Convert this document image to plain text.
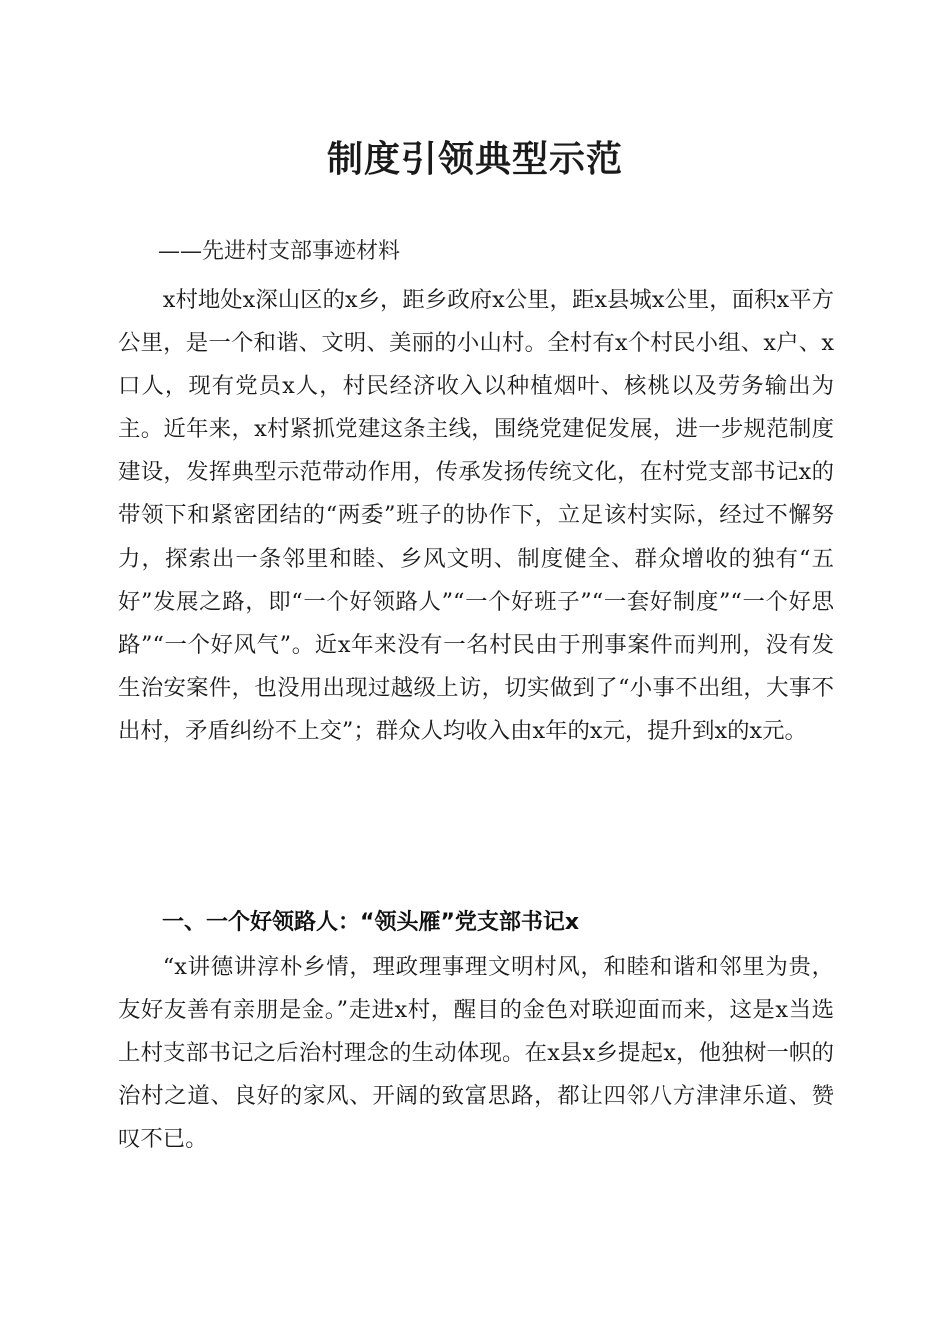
制度引领典型示范

——先进村支部事迹材料

x村地处x深山区的x乡，距乡政府x公里，距x县城x公里，面积x平方公里，是一个和谐、文明、美丽的小山村。全村有x个村民小组、x户、x口人，现有党员x人，村民经济收入以种植烟叶、核桃以及劳务输出为主。近年来，x村紧抓党建这条主线，围绕党建促发展，进一步规范制度建设，发挥典型示范带动作用，传承发扬传统文化，在村党支部书记x的带领下和紧密团结的“两委”班子的协作下，立足该村实际，经过不懈努力，探索出一条邻里和睦、乡风文明、制度健全、群众增收的独有“五好”发展之路，即“一个好领路人”“一个好班子”“一套好制度”“一个好思路”“一个好风气”。近x年来没有一名村民由于刑事案件而判刑，没有发生治安案件，也没用出现过越级上访，切实做到了“小事不出组，大事不出村，矛盾纠纷不上交”；群众人均收入由x年的x元，提升到x的x元。

一、一个好领路人：“领头雁”党支部书记x

“x讲德讲淳朴乡情，理政理事理文明村风，和睦和谐和邻里为贵，友好友善有亲朋是金。”走进x村，醒目的金色对联迎面而来，这是x当选上村支部书记之后治村理念的生动体现。在x县x乡提起x，他独树一帜的治村之道、良好的家风、开阔的致富思路，都让四邻八方津津乐道、赞叹不已。
